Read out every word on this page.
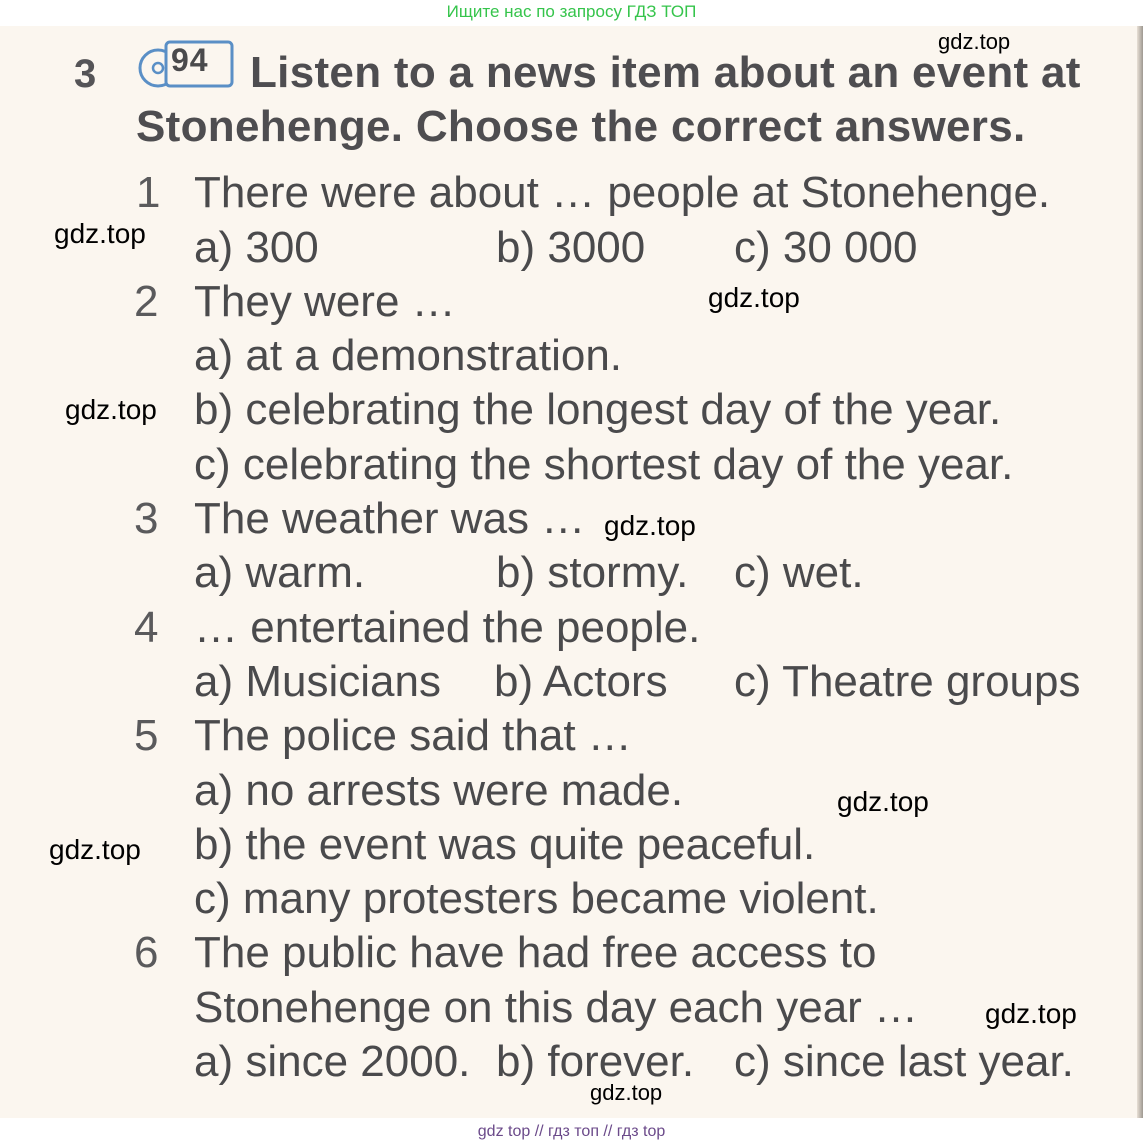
Ищите нас по запросу ГДЗ ТОП
3 94 Listen to a news item about an event at
Stonehenge. Choose the correct answers.
1 There were about … people at Stonehenge.
a) 300	b) 3000 c) 30 000
2 They were …
a) at a demonstration.
b) celebrating the longest day of the year.
c) celebrating the shortest day of the year.
3 The weather was …
a) warm.	b) stormy. c) wet.
4 … entertained the people.
a) Musicians b) Actors c) Theatre groups
5 The police said that …
a) no arrests were made.
b) the event was quite peaceful.
c) many protesters became violent.
6 The public have had free access to
Stonehenge on this day each year …
a) since 2000. b) forever. c) since last year.
gdz.top
gdz.top
gdz.top
gdz.top
gdz.top
gdz.top
gdz.top
gdz.top
gdz.top
gdz top // гдз топ // гдз top
